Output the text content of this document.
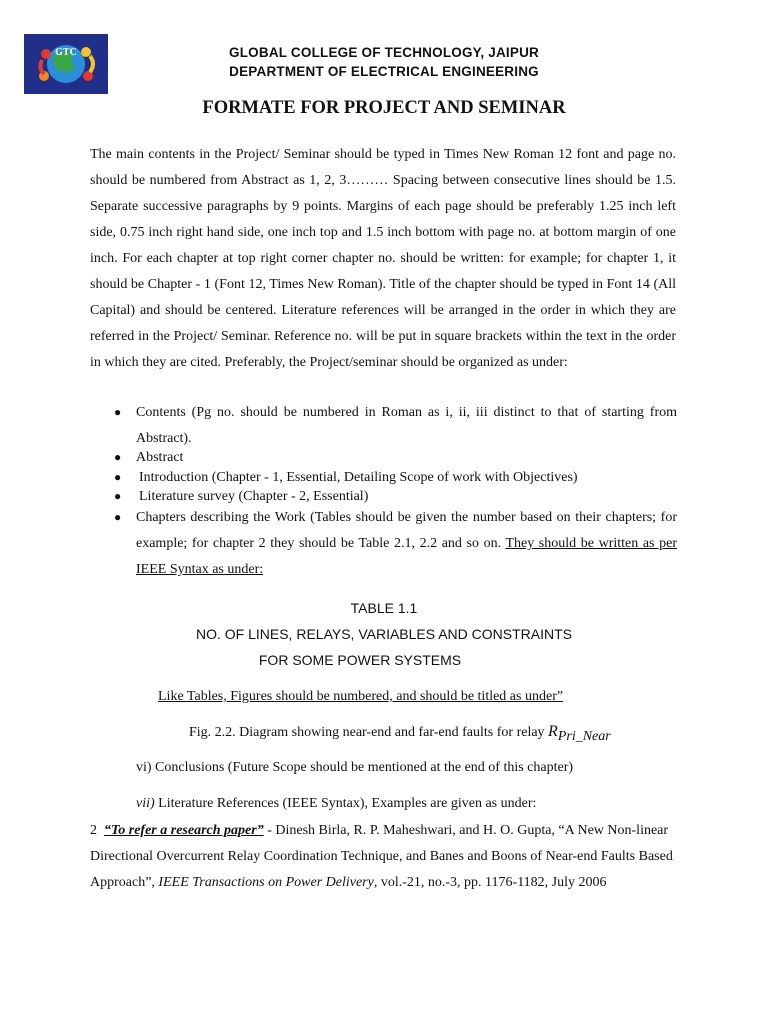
GTC	GLOBAL COLLEGE OF TECHNOLOGY, JAIPUR
DEPARTMENT OF ELECTRICAL ENGINEERING
FORMATE FOR PROJECT AND SEMINAR

The main contents in the Project/ Seminar should be typed in Times New Roman 12 font and page no. should be numbered from Abstract as 1, 2, 3……… Spacing between consecutive lines should be 1.5. Separate successive paragraphs by 9 points. Margins of each page should be preferably 1.25 inch left side, 0.75 inch right hand side, one inch top and 1.5 inch bottom with page no. at bottom margin of one inch. For each chapter at top right corner chapter no. should be written: for example; for chapter 1, it should be Chapter - 1 (Font 12, Times New Roman). Title of the chapter should be typed in Font 14 (All Capital) and should be centered. Literature references will be arranged in the order in which they are referred in the Project/ Seminar. Reference no. will be put in square brackets within the text in the order in which they are cited. Preferably, the Project/seminar should be organized as under:

● Contents (Pg no. should be numbered in Roman as i, ii, iii distinct to that of starting from Abstract).

● Abstract

● Introduction (Chapter - 1, Essential, Detailing Scope of work with Objectives)

● Literature survey (Chapter - 2, Essential)

● Chapters describing the Work (Tables should be given the number based on their chapters; for example; for chapter 2 they should be Table 2.1, 2.2 and so on. They should be written as per IEEE Syntax as under:

TABLE 1.1
NO. OF LINES, RELAYS, VARIABLES AND CONSTRAINTS
FOR SOME POWER SYSTEMS
Like Tables, Figures should be numbered, and should be titled as under”
Fig. 2.2. Diagram showing near-end and far-end faults for relay $R_{Pri\_Near}$
vi) Conclusions (Future Scope should be mentioned at the end of this chapter)
vii) Literature References (IEEE Syntax), Examples are given as under:

2 “To refer a research paper” - Dinesh Birla, R. P. Maheshwari, and H. O. Gupta, “A New Non-linear Directional Overcurrent Relay Coordination Technique, and Banes and Boons of Near-end Faults Based Approach”, IEEE Transactions on Power Delivery, vol.-21, no.-3, pp. 1176-1182, July 2006
